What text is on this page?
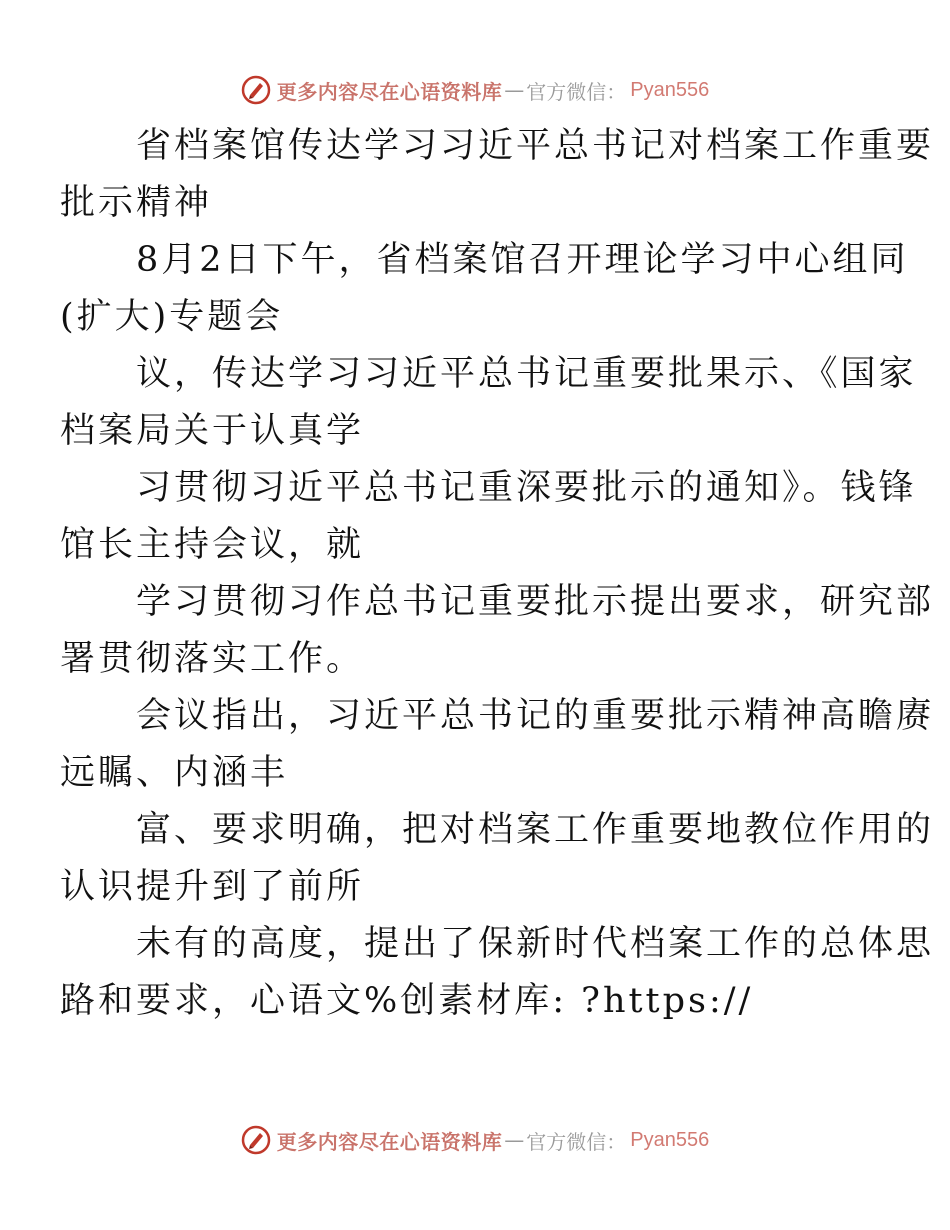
更多内容尽在心语资料库 — 官方微信： Pyan556

省档案馆传达学习习近平总书记对档案工作重要
批示精神

8月2日下午，省档案馆召开理论学习中心组同
(扩大)专题会

议，传达学习习近平总书记重要批果示、《国家
档案局关于认真学

习贯彻习近平总书记重深要批示的通知》。钱锋
馆长主持会议，就

学习贯彻习作总书记重要批示提出要求，研究部
署贯彻落实工作。

会议指出，习近平总书记的重要批示精神高瞻赓
远瞩、内涵丰

富、要求明确，把对档案工作重要地教位作用的
认识提升到了前所

未有的高度，提出了保新时代档案工作的总体思
路和要求，心语文%创素材库: ?https://

更多内容尽在心语资料库 — 官方微信： Pyan556
